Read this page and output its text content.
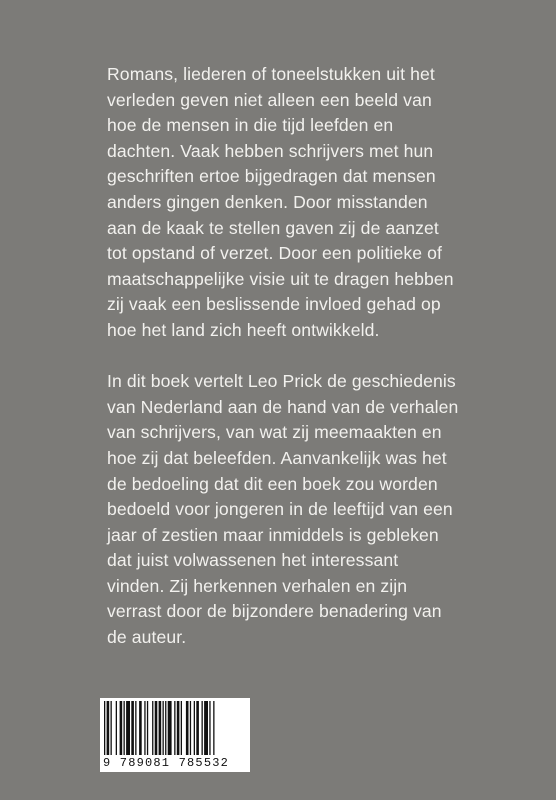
Romans, liederen of toneelstukken uit het
verleden geven niet alleen een beeld van
hoe de mensen in die tijd leefden en
dachten. Vaak hebben schrijvers met hun
geschriften ertoe bijgedragen dat mensen
anders gingen denken. Door misstanden
aan de kaak te stellen gaven zij de aanzet
tot opstand of verzet. Door een politieke of
maatschappelijke visie uit te dragen hebben
zij vaak een beslissende invloed gehad op
hoe het land zich heeft ontwikkeld.

In dit boek vertelt Leo Prick de geschiedenis
van Nederland aan de hand van de verhalen
van schrijvers, van wat zij meemaakten en
hoe zij dat beleefden. Aanvankelijk was het
de bedoeling dat dit een boek zou worden
bedoeld voor jongeren in de leeftijd van een
jaar of zestien maar inmiddels is gebleken
dat juist volwassenen het interessant
vinden. Zij herkennen verhalen en zijn
verrast door de bijzondere benadering van
de auteur.

9 789081 785532
